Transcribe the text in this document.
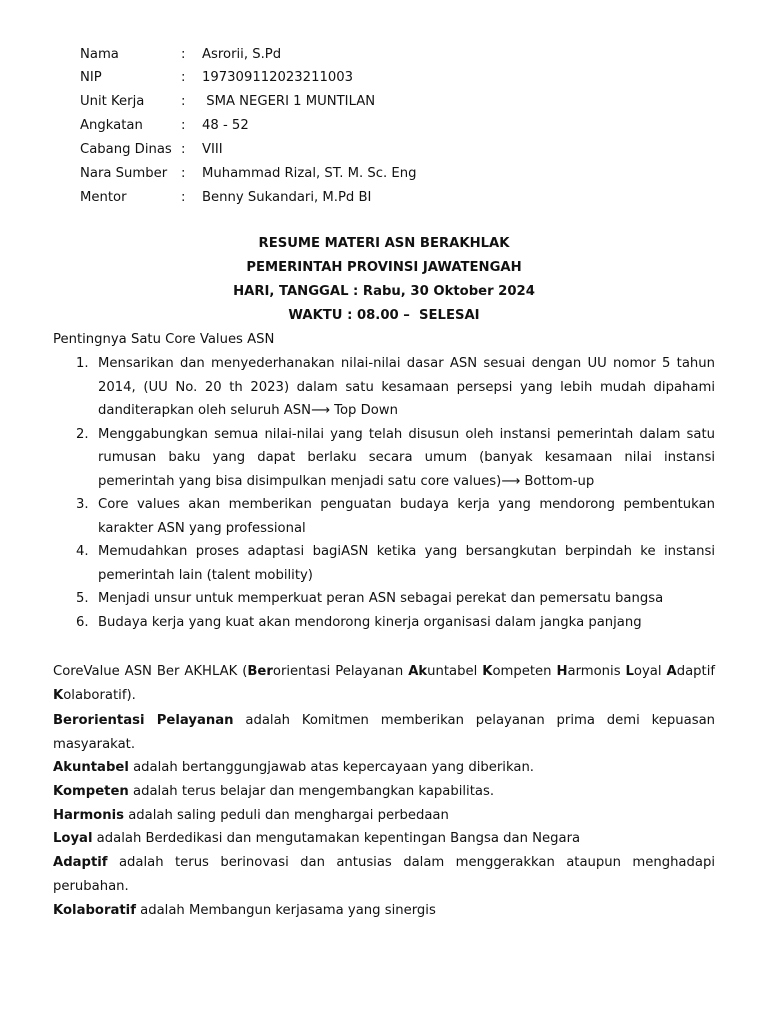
Nama	: Asrorii, S.Pd
NIP	: 197309112023211003
Unit Kerja	: SMA NEGERI 1 MUNTILAN
Angkatan	: 48 - 52
Cabang Dinas : VIII
Nara Sumber	: Muhammad Rizal, ST. M. Sc. Eng
Mentor	: Benny Sukandari, M.Pd BI
RESUME MATERI ASN BERAKHLAK
PEMERINTAH PROVINSI JAWATENGAH
HARI, TANGGAL : Rabu, 30 Oktober 2024
WAKTU : 08.00 –  SELESAI
Pentingnya Satu Core Values ASN
1. Mensarikan dan menyederhanakan nilai-nilai dasar ASN sesuai dengan UU nomor 5 tahun 2014, (UU No. 20 th 2023) dalam satu kesamaan persepsi yang lebih mudah dipahami danditerapkan oleh seluruh ASN⟶ Top Down
2. Menggabungkan semua nilai-nilai yang telah disusun oleh instansi pemerintah dalam satu rumusan baku yang dapat berlaku secara umum (banyak kesamaan nilai instansi pemerintah yang bisa disimpulkan menjadi satu core values)⟶ Bottom-up
3. Core values akan memberikan penguatan budaya kerja yang mendorong pembentukan karakter ASN yang professional
4. Memudahkan proses adaptasi bagiASN ketika yang bersangkutan berpindah ke instansi pemerintah lain (talent mobility)
5. Menjadi unsur untuk memperkuat peran ASN sebagai perekat dan pemersatu bangsa
6. Budaya kerja yang kuat akan mendorong kinerja organisasi dalam jangka panjang
CoreValue ASN Ber AKHLAK (Berorientasi Pelayanan Akuntabel Kompeten Harmonis Loyal Adaptif Kolaboratif).
Berorientasi Pelayanan adalah Komitmen memberikan pelayanan prima demi kepuasan masyarakat.
Akuntabel adalah bertanggungjawab atas kepercayaan yang diberikan.
Kompeten adalah terus belajar dan mengembangkan kapabilitas.
Harmonis adalah saling peduli dan menghargai perbedaan
Loyal adalah Berdedikasi dan mengutamakan kepentingan Bangsa dan Negara
Adaptif adalah terus berinovasi dan antusias dalam menggerakkan ataupun menghadapi perubahan.
Kolaboratif adalah Membangun kerjasama yang sinergis
